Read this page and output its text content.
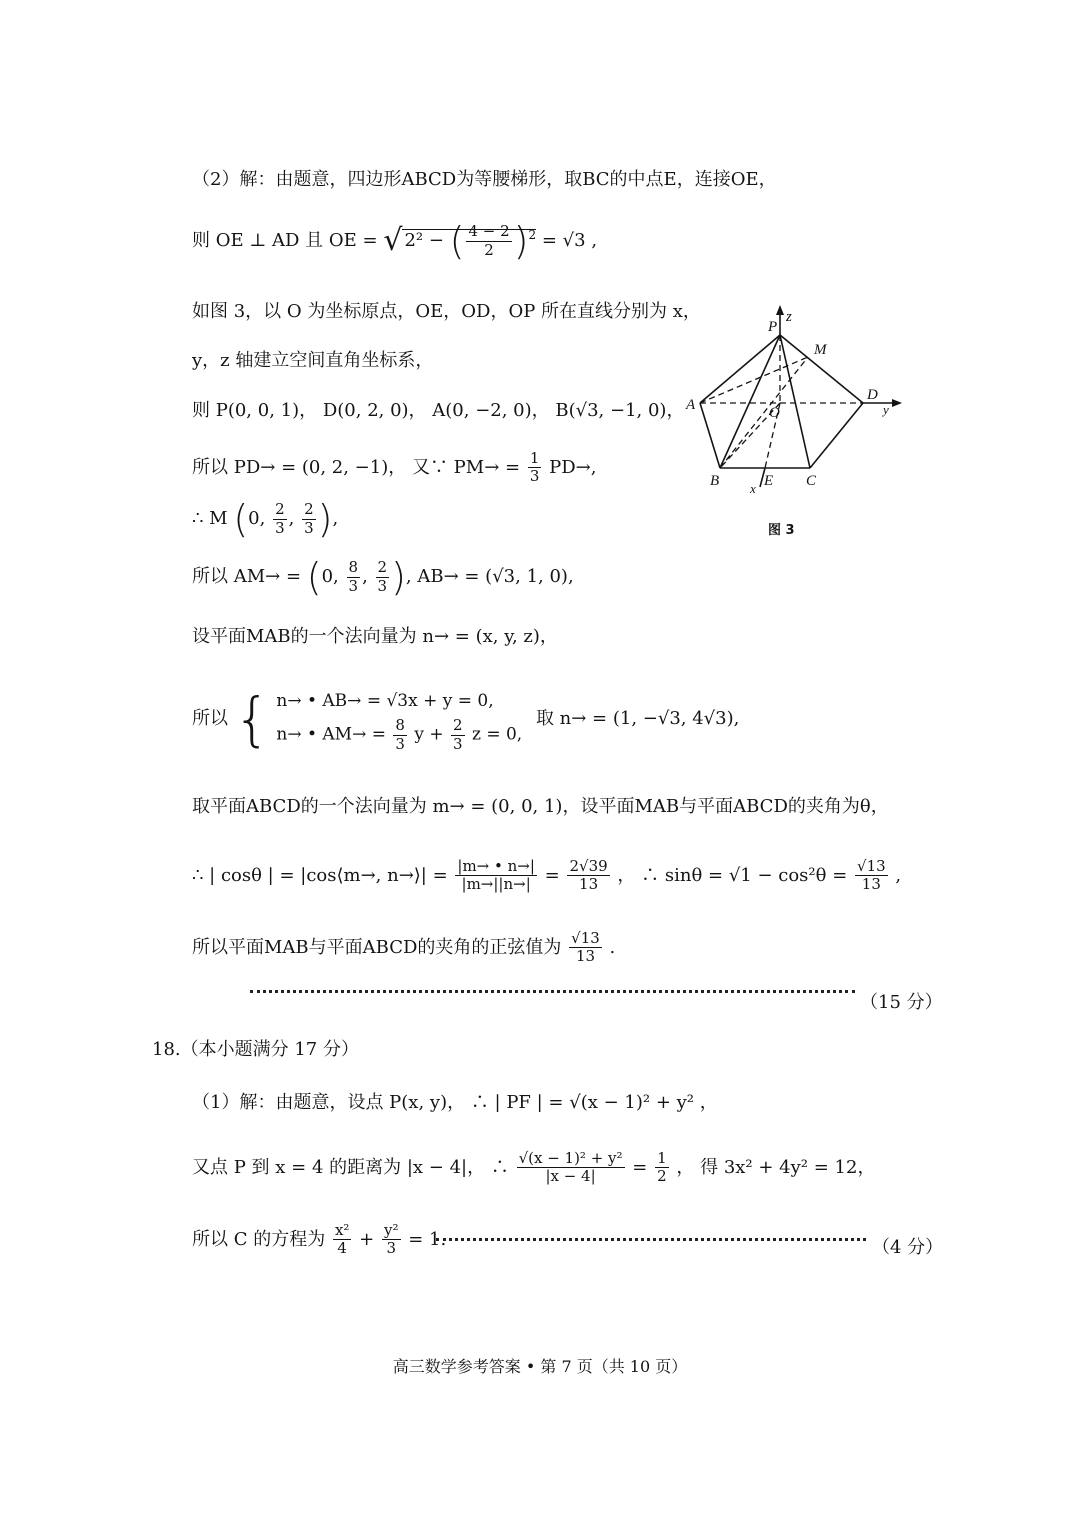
（2）解：由题意，四边形ABCD为等腰梯形，取BC的中点E，连接OE，
则 OE ⊥ AD 且 OE = √ 2² − ( $\frac{4 - 2}{2} )^2 = √3$ ,
如图 3，以 O 为坐标原点，OE，OD，OP 所在直线分别为 x，
y，z 轴建立空间直角坐标系，
则 P(0, 0, 1)， D(0, 2, 0)， A(0, −2, 0)， B(√3, −1, 0)，
所以 PD→ = (0, 2, −1)， 又∵ $PM\to = \frac{1}{3} PD\to$,
∴ M (0, $\frac{2}{3}$ , $\frac{2}{3}$ ),
所以 AM→ = (0, $\frac{8}{3}$ , $\frac{2}{3}$ ), AB→ = (√3, 1, 0),
设平面MAB的一个法向量为 n→ = (x, y, z)，
所以 { n→ • AB→ = √3x + y = 0,
n→ • $AM\to = \frac{8}{3}$ $y + \frac{2}{3}$ z = 0, 取 n→ = (1, −√3, 4√3),
取平面ABCD的一个法向量为 m→ = (0, 0, 1)，设平面MAB与平面ABCD的夹角为θ，
∴ | cosθ | = |cos⟨m→, n→⟩| = $\frac{|m\to • n\to|}{|m\to||n\to|} = \frac{2√39}{13}$ ， ∴ $\sin\theta = √1 - \cos^2\theta = \frac{√13}{13}$ ,
所以平面MAB与平面ABCD的夹角的正弦值为 $\frac{√13}{13}$ .
（15 分）
P
z
M
A
D
y
O
B	C
E
x
图 3
18.（本小题满分 17 分）
（1）解：由题意，设点 P(x, y)， ∴ | PF | = √(x − 1)² + y² ，
又点 P 到 x = 4 的距离为 |x − 4|， ∴ $\frac{\text{√(x − 1)² + y²}}{|x - 4|} = \frac{1}{2}$ ， 得 3x² + 4y² = 12，
所以 C 的方程为 $\frac{\text{x²}}{4} + \frac{\text{y²}}{3} = 1$.	（4 分）
高三数学参考答案 • 第 7 页（共 10 页）
